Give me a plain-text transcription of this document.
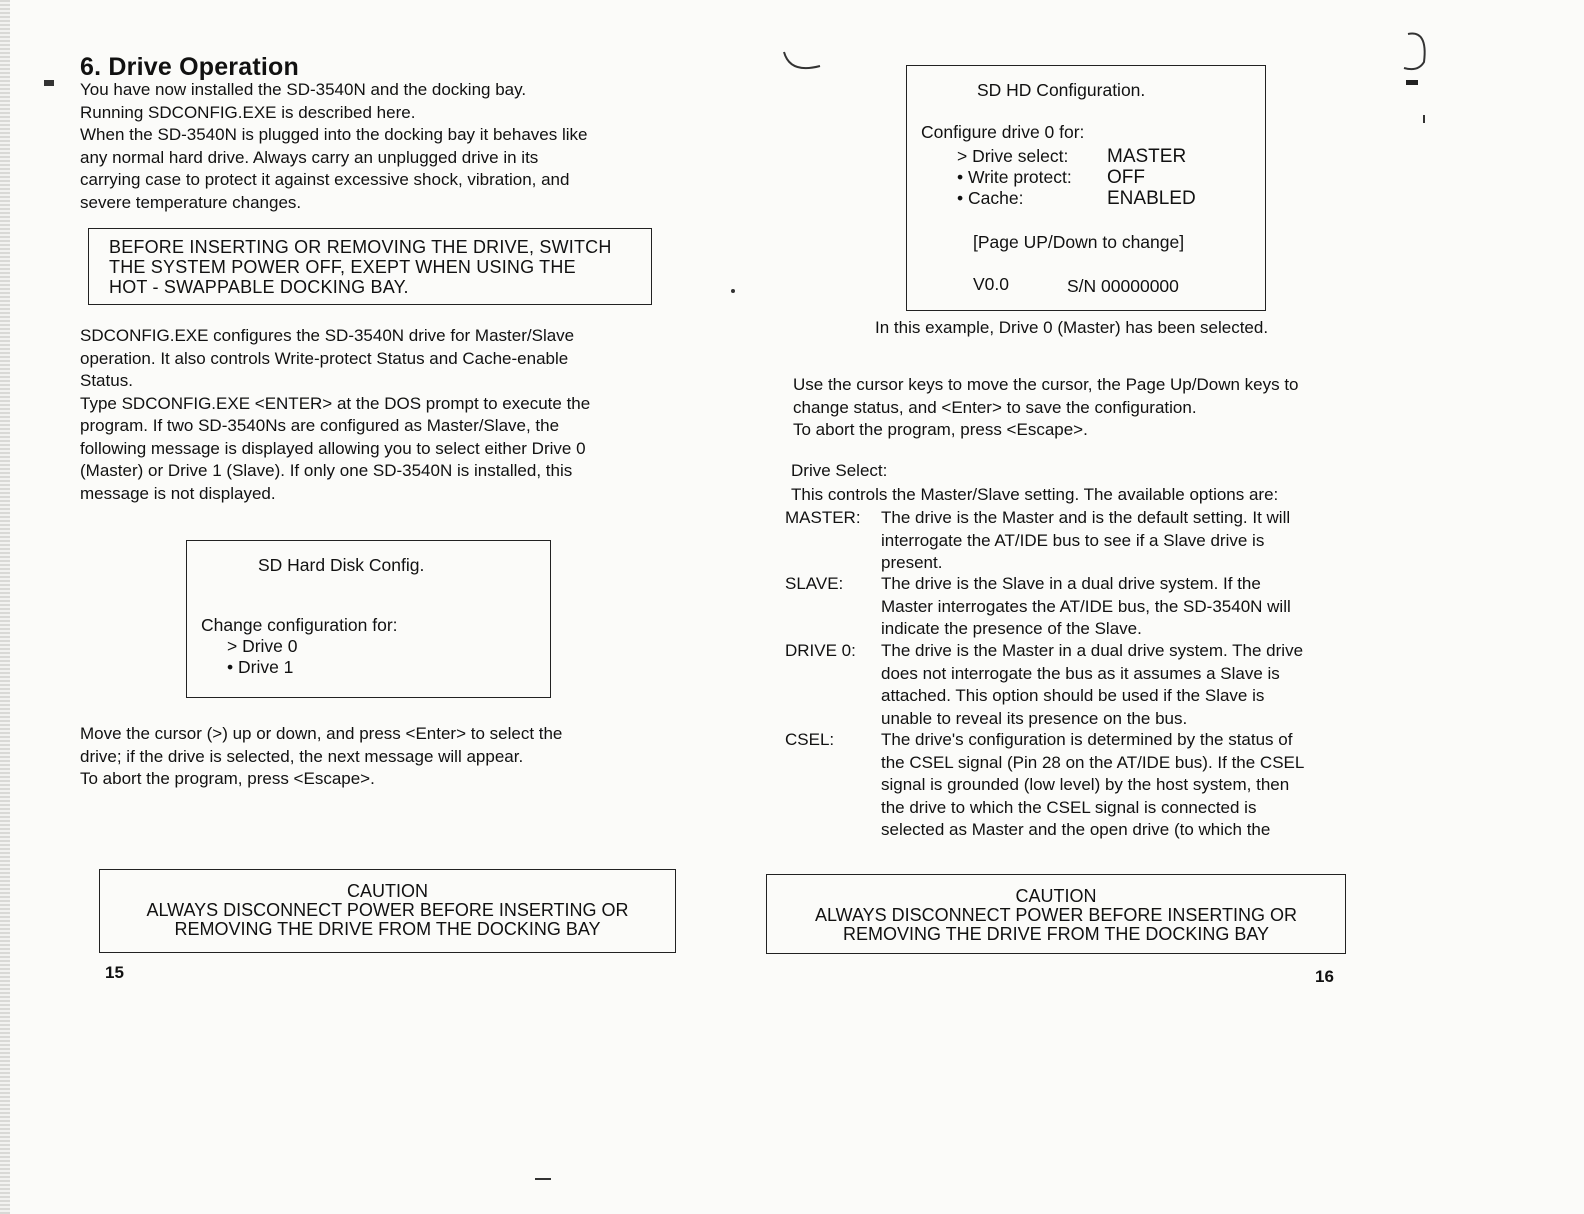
6. Drive Operation

You have now installed the SD-3540N and the docking bay.
Running SDCONFIG.EXE is described here.
When the SD-3540N is plugged into the docking bay it behaves like
any normal hard drive. Always carry an unplugged drive in its
carrying case to protect it against excessive shock, vibration, and
severe temperature changes.

BEFORE INSERTING OR REMOVING THE DRIVE, SWITCH
THE SYSTEM POWER OFF, EXEPT WHEN USING THE
HOT - SWAPPABLE DOCKING BAY.

SDCONFIG.EXE configures the SD-3540N drive for Master/Slave
operation. It also controls Write-protect Status and Cache-enable
Status.
Type SDCONFIG.EXE <ENTER> at the DOS prompt to execute the
program. If two SD-3540Ns are configured as Master/Slave, the
following message is displayed allowing you to select either Drive 0
(Master) or Drive 1 (Slave). If only one SD-3540N is installed, this
message is not displayed.

SD Hard Disk Config.
Change configuration for:
> Drive 0
• Drive 1

Move the cursor (>) up or down, and press <Enter> to select the
drive; if the drive is selected, the next message will appear.
To abort the program, press <Escape>.

CAUTION
ALWAYS DISCONNECT POWER BEFORE INSERTING OR
REMOVING THE DRIVE FROM THE DOCKING BAY
15
SD HD Configuration.
Configure drive 0 for:
> Drive select: MASTER
• Write protect: OFF
• Cache:	ENABLED
[Page UP/Down to change]
V0.0	S/N 00000000
In this example, Drive 0 (Master) has been selected.

Use the cursor keys to move the cursor, the Page Up/Down keys to
change status, and <Enter> to save the configuration.
To abort the program, press <Escape>.

Drive Select:
This controls the Master/Slave setting. The available options are:
MASTER: The drive is the Master and is the default setting. It will
interrogate the AT/IDE bus to see if a Slave drive is
present.
SLAVE: The drive is the Slave in a dual drive system. If the
Master interrogates the AT/IDE bus, the SD-3540N will
indicate the presence of the Slave.
DRIVE 0: The drive is the Master in a dual drive system. The drive
does not interrogate the bus as it assumes a Slave is
attached. This option should be used if the Slave is
unable to reveal its presence on the bus.
CSEL:	The drive's configuration is determined by the status of
the CSEL signal (Pin 28 on the AT/IDE bus). If the CSEL
signal is grounded (low level) by the host system, then
the drive to which the CSEL signal is connected is
selected as Master and the open drive (to which the
CAUTION
ALWAYS DISCONNECT POWER BEFORE INSERTING OR
REMOVING THE DRIVE FROM THE DOCKING BAY
16
